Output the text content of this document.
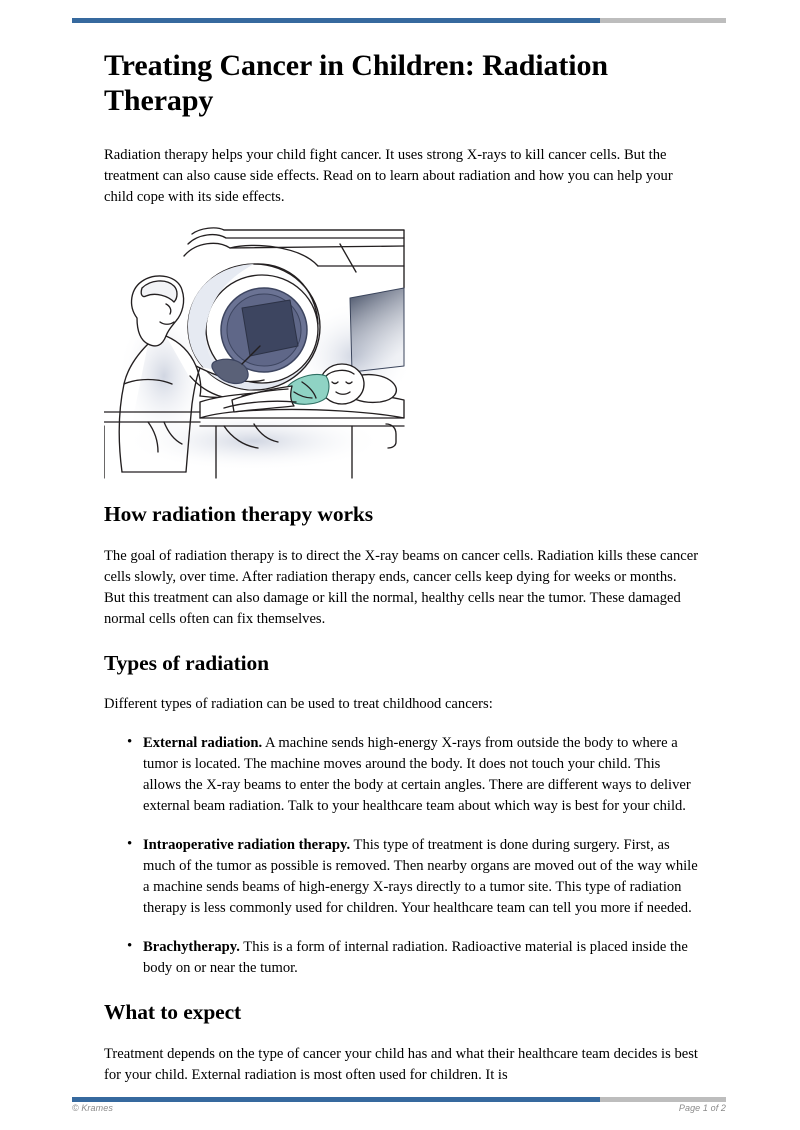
Treating Cancer in Children: Radiation Therapy

Radiation therapy helps your child fight cancer. It uses strong X-rays to kill cancer cells. But the treatment can also cause side effects. Read on to learn about radiation and how you can help your child cope with its side effects.

How radiation therapy works

The goal of radiation therapy is to direct the X-ray beams on cancer cells. Radiation kills these cancer cells slowly, over time. After radiation therapy ends, cancer cells keep dying for weeks or months. But this treatment can also damage or kill the normal, healthy cells near the tumor. These damaged normal cells often can fix themselves.

Types of radiation

Different types of radiation can be used to treat childhood cancers:

• External radiation. A machine sends high-energy X-rays from outside the body to where a tumor is located. The machine moves around the body. It does not touch your child. This allows the X-ray beams to enter the body at certain angles. There are different ways to deliver external beam radiation. Talk to your healthcare team about which way is best for your child.
• Intraoperative radiation therapy. This type of treatment is done during surgery. First, as much of the tumor as possible is removed. Then nearby organs are moved out of the way while a machine sends beams of high-energy X-rays directly to a tumor site. This type of radiation therapy is less commonly used for children. Your healthcare team can tell you more if needed.
• Brachytherapy. This is a form of internal radiation. Radioactive material is placed inside the body on or near the tumor.
What to expect

Treatment depends on the type of cancer your child has and what their healthcare team decides is best for your child. External radiation is most often used for children. It is

© Krames	Page 1 of 2
